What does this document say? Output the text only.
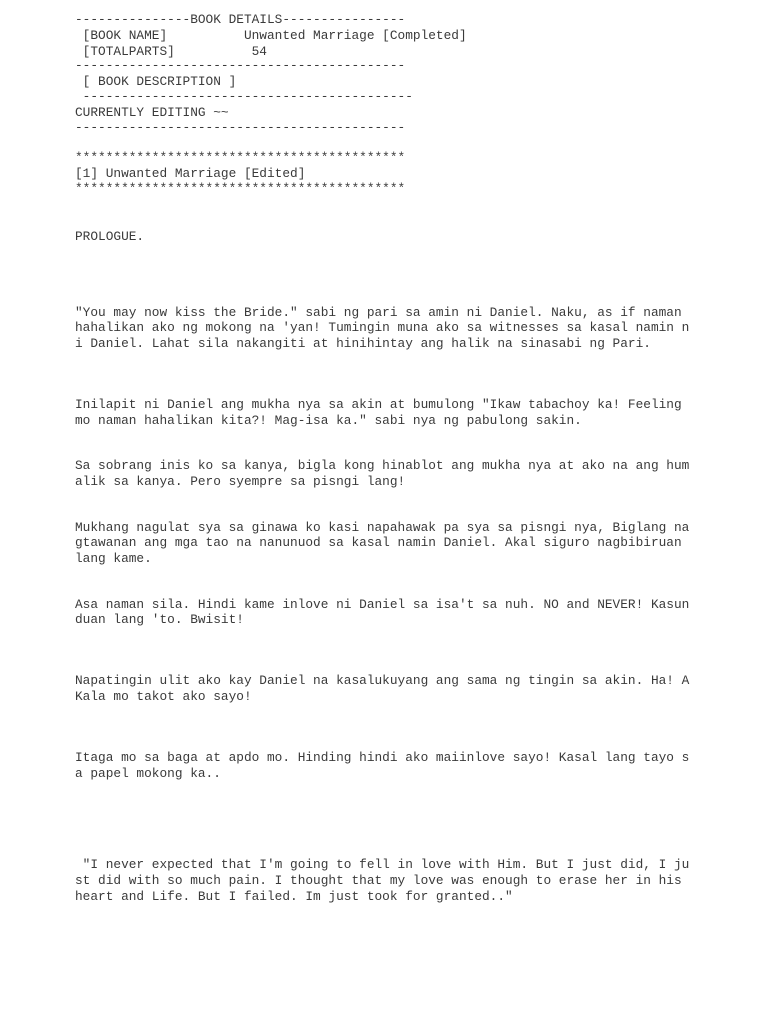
---------------BOOK DETAILS----------------

[BOOK NAME]          Unwanted Marriage [Completed]

[TOTALPARTS]          54

-------------------------------------------

[ BOOK DESCRIPTION ]

-------------------------------------------

CURRENTLY EDITING ~~

-------------------------------------------

*******************************************

[1] Unwanted Marriage [Edited]

*******************************************

PROLOGUE.

"You may now kiss the Bride." sabi ng pari sa amin ni Daniel. Naku, as if naman

hahalikan ako ng mokong na 'yan! Tumingin muna ako sa witnesses sa kasal namin n

i Daniel. Lahat sila nakangiti at hinihintay ang halik na sinasabi ng Pari.

Inilapit ni Daniel ang mukha nya sa akin at bumulong "Ikaw tabachoy ka! Feeling

mo naman hahalikan kita?! Mag-isa ka." sabi nya ng pabulong sakin.

Sa sobrang inis ko sa kanya, bigla kong hinablot ang mukha nya at ako na ang hum

alik sa kanya. Pero syempre sa pisngi lang!

Mukhang nagulat sya sa ginawa ko kasi napahawak pa sya sa pisngi nya, Biglang na

gtawanan ang mga tao na nanunuod sa kasal namin Daniel. Akal siguro nagbibiruan

lang kame.

Asa naman sila. Hindi kame inlove ni Daniel sa isa't sa nuh. NO and NEVER! Kasun

duan lang 'to. Bwisit!

Napatingin ulit ako kay Daniel na kasalukuyang ang sama ng tingin sa akin. Ha! A

Kala mo takot ako sayo!

Itaga mo sa baga at apdo mo. Hinding hindi ako maiinlove sayo! Kasal lang tayo s

a papel mokong ka..

"I never expected that I'm going to fell in love with Him. But I just did, I ju

st did with so much pain. I thought that my love was enough to erase her in his

heart and Life. But I failed. Im just took for granted.."
